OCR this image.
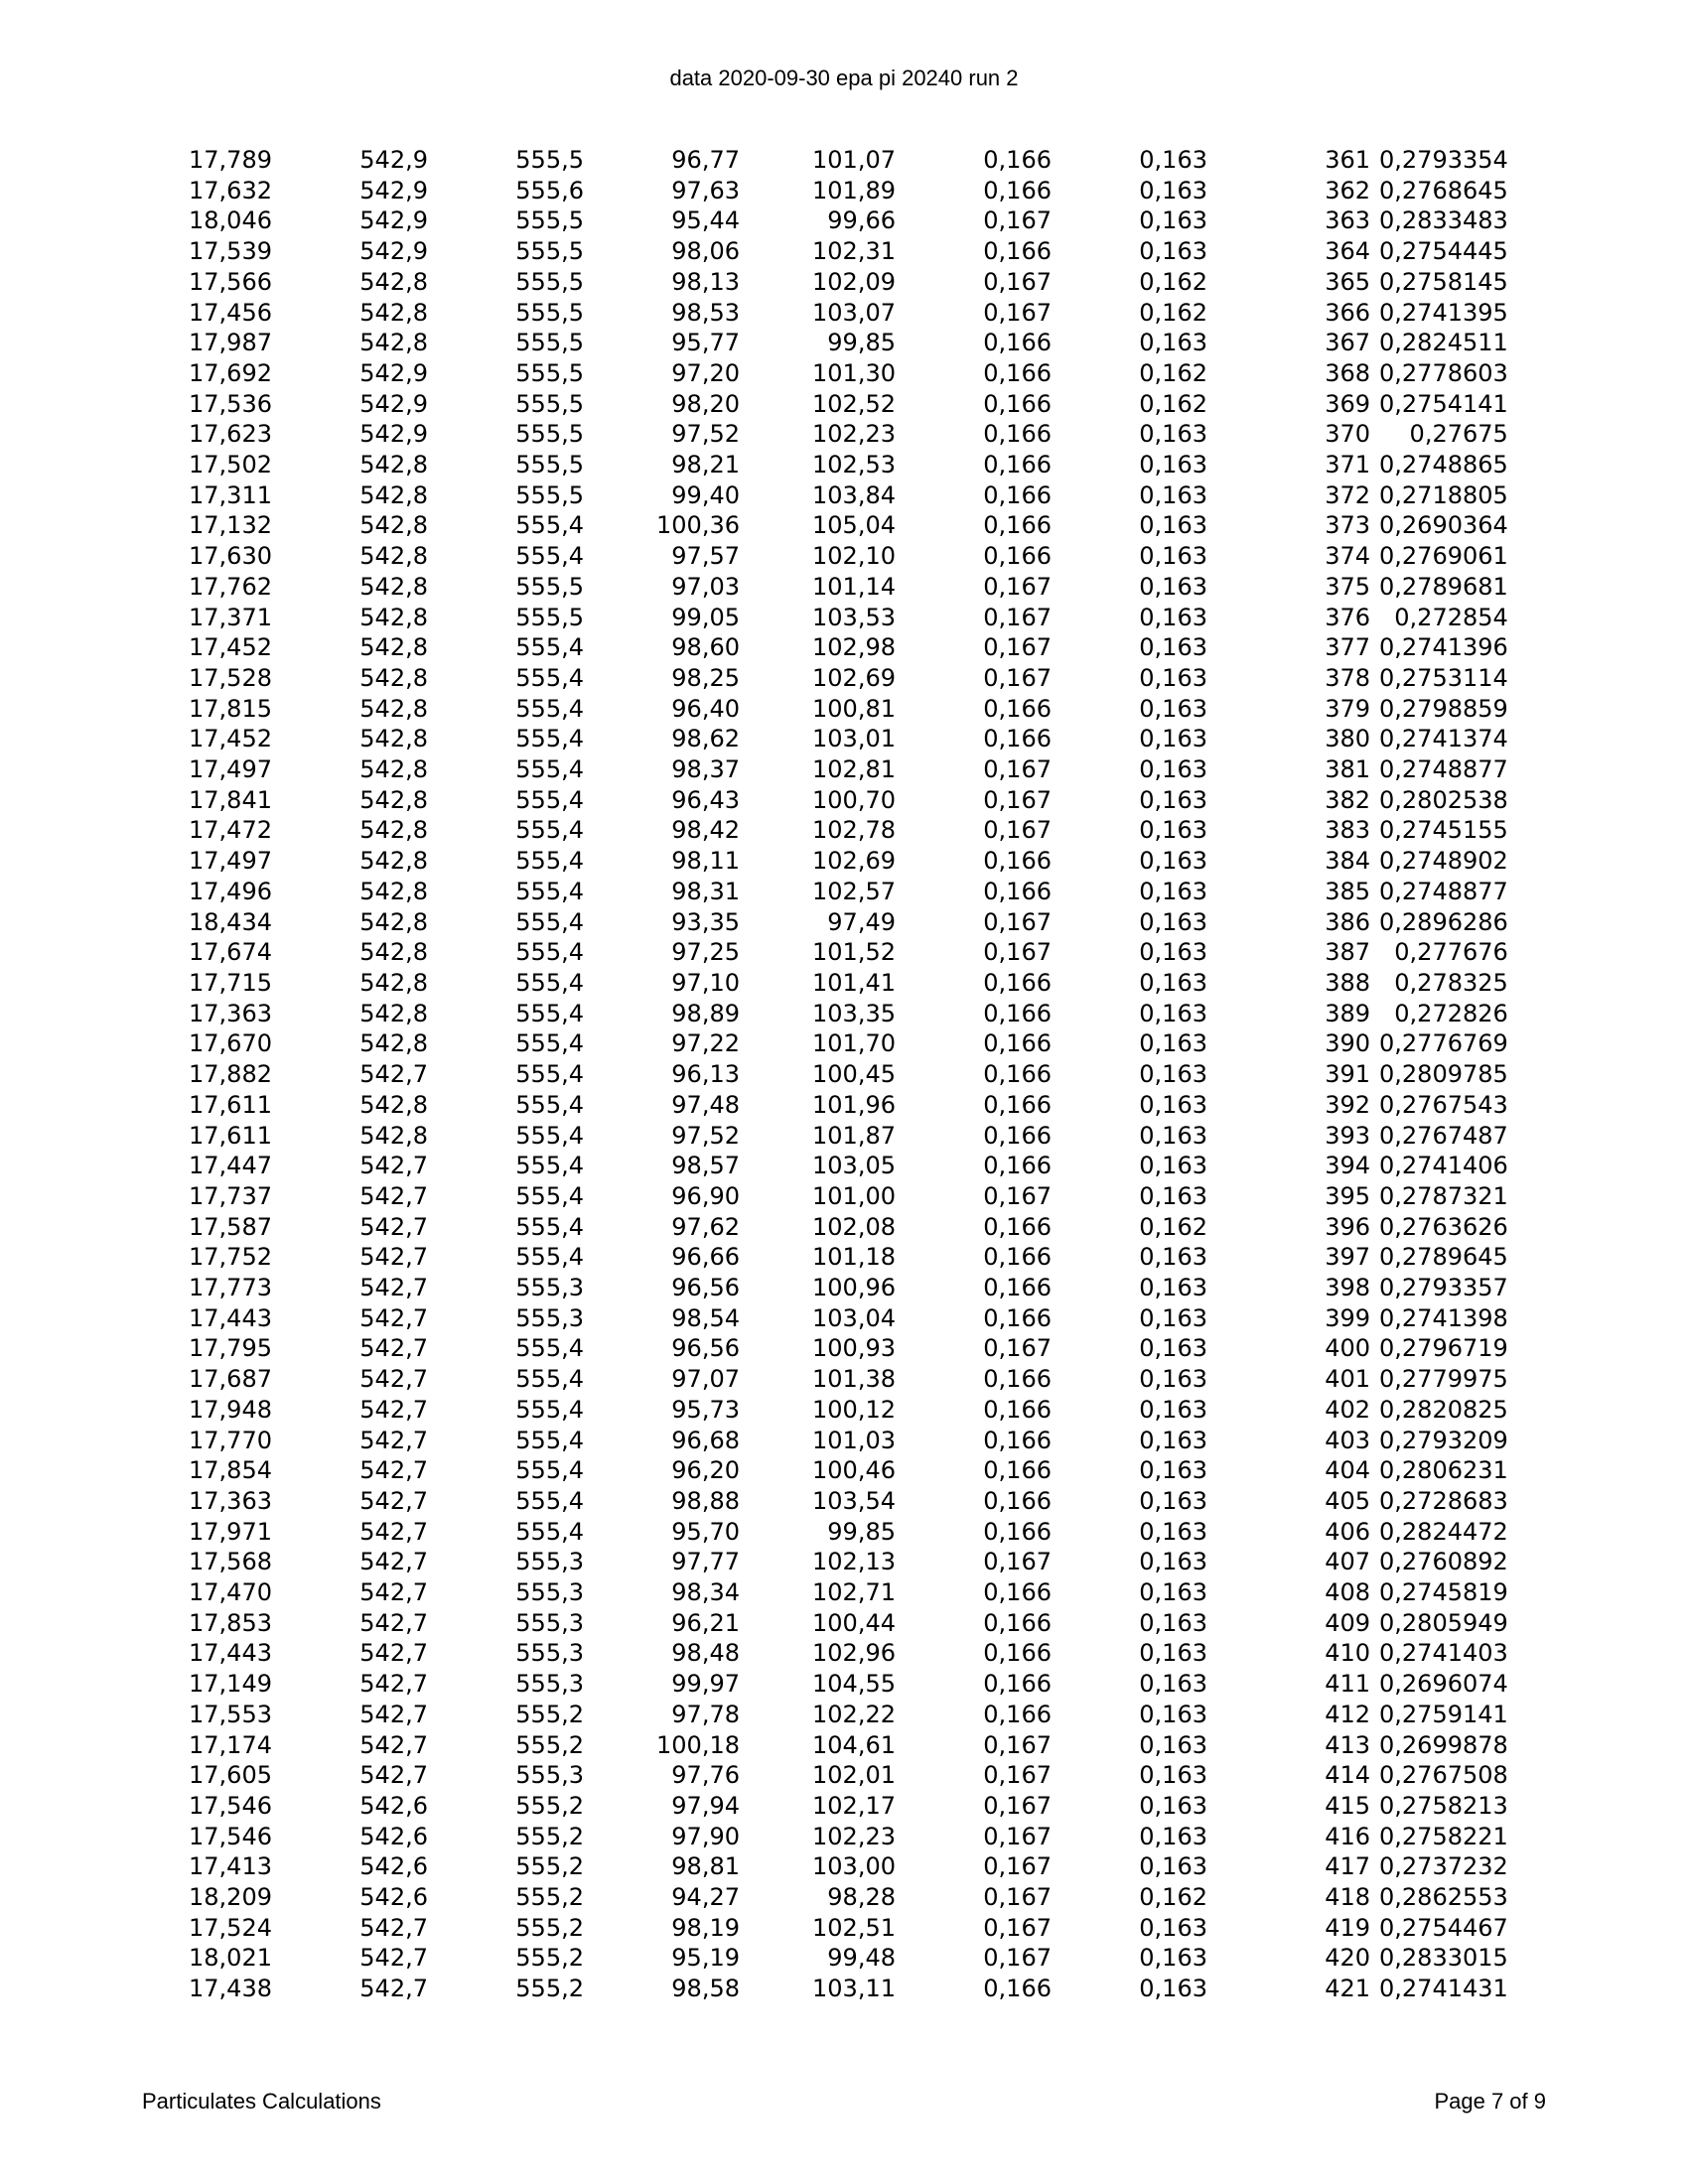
data 2020-09-30 epa pi 20240 run 2
17,789	542,9	555,5	96,77	101,07	0,166	0,163	361	0,2793354
17,632	542,9	555,6	97,63	101,89	0,166	0,163	362	0,2768645
18,046	542,9	555,5	95,44	99,66	0,167	0,163	363	0,2833483
17,539	542,9	555,5	98,06	102,31	0,166	0,163	364	0,2754445
17,566	542,8	555,5	98,13	102,09	0,167	0,162	365	0,2758145
17,456	542,8	555,5	98,53	103,07	0,167	0,162	366	0,2741395
17,987	542,8	555,5	95,77	99,85	0,166	0,163	367	0,2824511
17,692	542,9	555,5	97,20	101,30	0,166	0,162	368	0,2778603
17,536	542,9	555,5	98,20	102,52	0,166	0,162	369	0,2754141
17,623	542,9	555,5	97,52	102,23	0,166	0,163	370	0,27675
17,502	542,8	555,5	98,21	102,53	0,166	0,163	371	0,2748865
17,311	542,8	555,5	99,40	103,84	0,166	0,163	372	0,2718805
17,132	542,8	555,4	100,36	105,04	0,166	0,163	373	0,2690364
17,630	542,8	555,4	97,57	102,10	0,166	0,163	374	0,2769061
17,762	542,8	555,5	97,03	101,14	0,167	0,163	375	0,2789681
17,371	542,8	555,5	99,05	103,53	0,167	0,163	376	0,272854
17,452	542,8	555,4	98,60	102,98	0,167	0,163	377	0,2741396
17,528	542,8	555,4	98,25	102,69	0,167	0,163	378	0,2753114
17,815	542,8	555,4	96,40	100,81	0,166	0,163	379	0,2798859
17,452	542,8	555,4	98,62	103,01	0,166	0,163	380	0,2741374
17,497	542,8	555,4	98,37	102,81	0,167	0,163	381	0,2748877
17,841	542,8	555,4	96,43	100,70	0,167	0,163	382	0,2802538
17,472	542,8	555,4	98,42	102,78	0,167	0,163	383	0,2745155
17,497	542,8	555,4	98,11	102,69	0,166	0,163	384	0,2748902
17,496	542,8	555,4	98,31	102,57	0,166	0,163	385	0,2748877
18,434	542,8	555,4	93,35	97,49	0,167	0,163	386	0,2896286
17,674	542,8	555,4	97,25	101,52	0,167	0,163	387	0,277676
17,715	542,8	555,4	97,10	101,41	0,166	0,163	388	0,278325
17,363	542,8	555,4	98,89	103,35	0,166	0,163	389	0,272826
17,670	542,8	555,4	97,22	101,70	0,166	0,163	390	0,2776769
17,882	542,7	555,4	96,13	100,45	0,166	0,163	391	0,2809785
17,611	542,8	555,4	97,48	101,96	0,166	0,163	392	0,2767543
17,611	542,8	555,4	97,52	101,87	0,166	0,163	393	0,2767487
17,447	542,7	555,4	98,57	103,05	0,166	0,163	394	0,2741406
17,737	542,7	555,4	96,90	101,00	0,167	0,163	395	0,2787321
17,587	542,7	555,4	97,62	102,08	0,166	0,162	396	0,2763626
17,752	542,7	555,4	96,66	101,18	0,166	0,163	397	0,2789645
17,773	542,7	555,3	96,56	100,96	0,166	0,163	398	0,2793357
17,443	542,7	555,3	98,54	103,04	0,166	0,163	399	0,2741398
17,795	542,7	555,4	96,56	100,93	0,167	0,163	400	0,2796719
17,687	542,7	555,4	97,07	101,38	0,166	0,163	401	0,2779975
17,948	542,7	555,4	95,73	100,12	0,166	0,163	402	0,2820825
17,770	542,7	555,4	96,68	101,03	0,166	0,163	403	0,2793209
17,854	542,7	555,4	96,20	100,46	0,166	0,163	404	0,2806231
17,363	542,7	555,4	98,88	103,54	0,166	0,163	405	0,2728683
17,971	542,7	555,4	95,70	99,85	0,166	0,163	406	0,2824472
17,568	542,7	555,3	97,77	102,13	0,167	0,163	407	0,2760892
17,470	542,7	555,3	98,34	102,71	0,166	0,163	408	0,2745819
17,853	542,7	555,3	96,21	100,44	0,166	0,163	409	0,2805949
17,443	542,7	555,3	98,48	102,96	0,166	0,163	410	0,2741403
17,149	542,7	555,3	99,97	104,55	0,166	0,163	411	0,2696074
17,553	542,7	555,2	97,78	102,22	0,166	0,163	412	0,2759141
17,174	542,7	555,2	100,18	104,61	0,167	0,163	413	0,2699878
17,605	542,7	555,3	97,76	102,01	0,167	0,163	414	0,2767508
17,546	542,6	555,2	97,94	102,17	0,167	0,163	415	0,2758213
17,546	542,6	555,2	97,90	102,23	0,167	0,163	416	0,2758221
17,413	542,6	555,2	98,81	103,00	0,167	0,163	417	0,2737232
18,209	542,6	555,2	94,27	98,28	0,167	0,162	418	0,2862553
17,524	542,7	555,2	98,19	102,51	0,167	0,163	419	0,2754467
18,021	542,7	555,2	95,19	99,48	0,167	0,163	420	0,2833015
17,438	542,7	555,2	98,58	103,11	0,166	0,163	421	0,2741431
Particulates Calculations	Page 7 of 9
